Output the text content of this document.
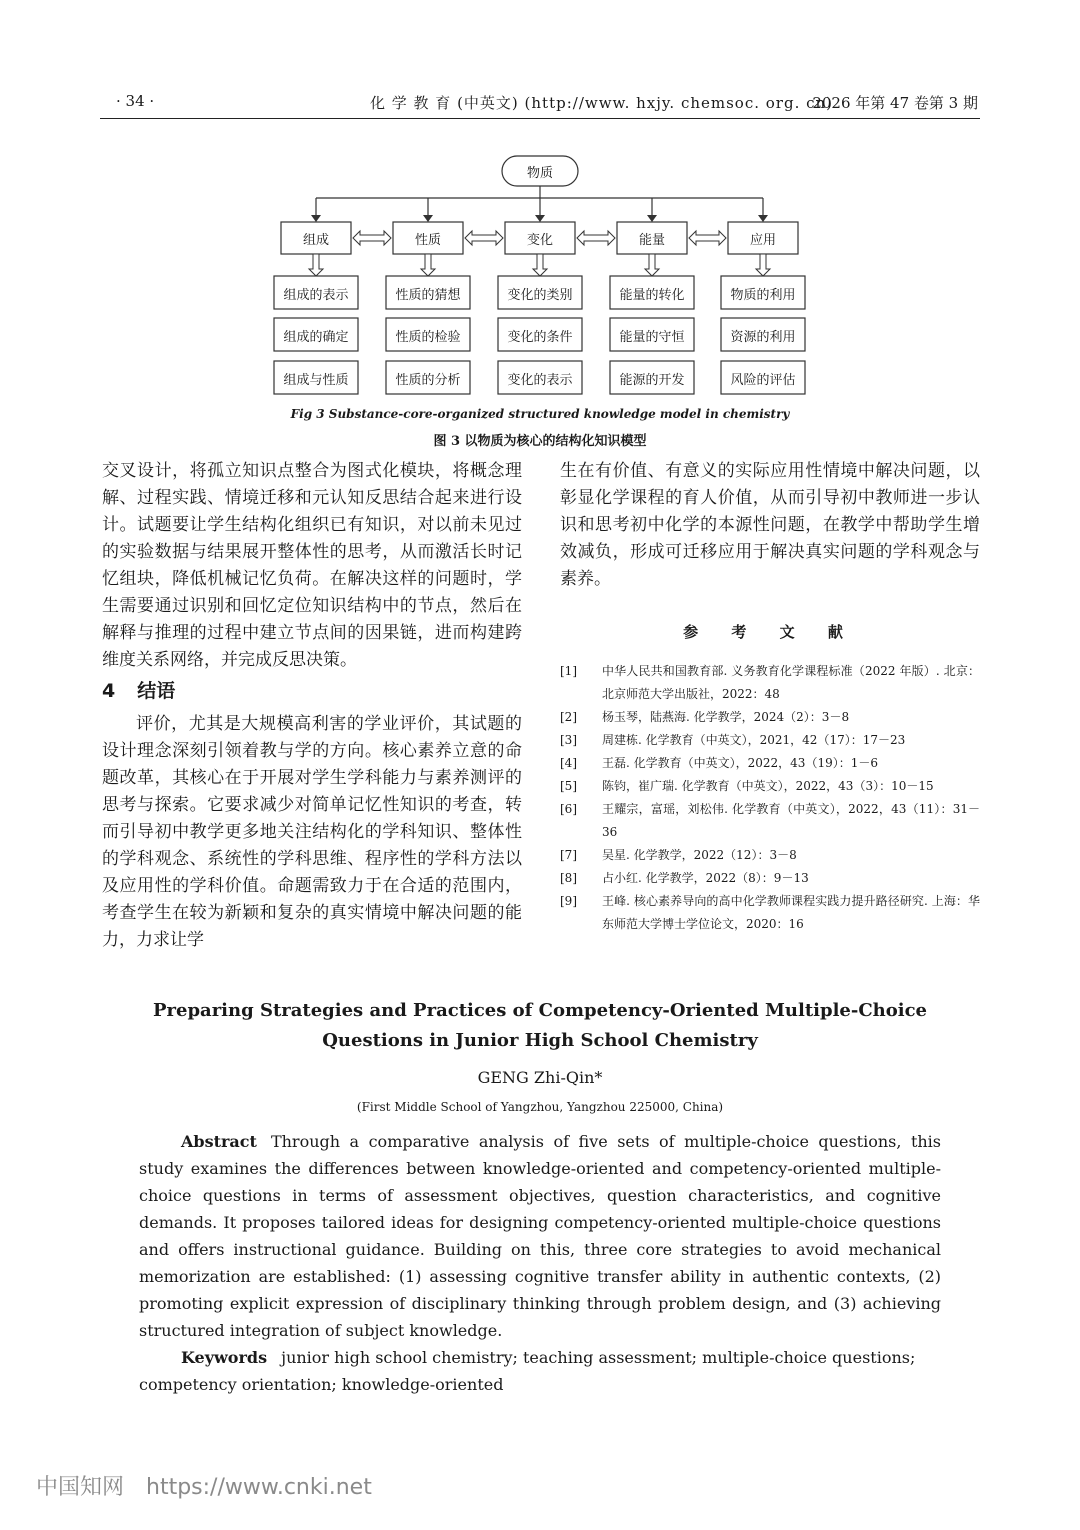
· 34 ·	化 学 教 育 (中英文) (http://www. hxjy. chemsoc. org. cn)
2026 年第 47 卷第 3 期
物质
组成
组成的表示
组成的确定
组成与性质
性质
性质的猜想
性质的检验
性质的分析
变化
变化的类别
变化的条件
变化的表示
能量
能量的转化
能量的守恒
能源的开发
应用
物质的利用
资源的利用
风险的评估
Fig 3 Substance-core-organized structured knowledge model in chemistry
图 3 以物质为核心的结构化知识模型

交叉设计，将孤立知识点整合为图式化模块，将概念理解、过程实践、情境迁移和元认知反思结合起来进行设计。试题要让学生结构化组织已有知识，对以前未见过的实验数据与结果展开整体性的思考，从而激活长时记忆组块，降低机械记忆负荷。在解决这样的问题时，学生需要通过识别和回忆定位知识结构中的节点，然后在解释与推理的过程中建立节点间的因果链，进而构建跨维度关系网络，并完成反思决策。

4 结语

评价，尤其是大规模高利害的学业评价，其试题的设计理念深刻引领着教与学的方向。核心素养立意的命题改革，其核心在于开展对学生学科能力与素养测评的思考与探索。它要求减少对简单记忆性知识的考查，转而引导初中教学更多地关注结构化的学科知识、整体性的学科观念、系统性的学科思维、程序性的学科方法以及应用性的学科价值。命题需致力于在合适的范围内，考查学生在较为新颖和复杂的真实情境中解决问题的能力，力求让学

生在有价值、有意义的实际应用性情境中解决问题，以彰显化学课程的育人价值，从而引导初中教师进一步认识和思考初中化学的本源性问题，在教学中帮助学生增效减负，形成可迁移应用于解决真实问题的学科观念与素养。

参 考 文 献

[1]	中华人民共和国教育部. 义务教育化学课程标准（2022 年版）. 北京：北京师范大学出版社，2022：48
[2]	杨玉琴，陆燕海. 化学教学，2024（2）：3－8
[3]	周建栋. 化学教育（中英文），2021，42（17）：17－23
[4]	王磊. 化学教育（中英文），2022，43（19）：1－6
[5]	陈钧，崔广瑞. 化学教育（中英文），2022，43（3）：10－15
[6]	王耀宗，富瑶，刘松伟. 化学教育（中英文），2022，43（11）：31－36
[7]	吴星. 化学教学，2022（12）：3－8
[8]	占小红. 化学教学，2022（8）：9－13
[9]	王峰. 核心素养导向的高中化学教师课程实践力提升路径研究. 上海：华东师范大学博士学位论文，2020：16
Preparing Strategies and Practices of Competency-Oriented Multiple-Choice
Questions in Junior High School Chemistry
GENG Zhi-Qin*
(First Middle School of Yangzhou, Yangzhou 225000, China)

Abstract Through a comparative analysis of five sets of multiple-choice questions, this study examines the differences between knowledge-oriented and competency-oriented multiple-choice questions in terms of assessment objectives, question characteristics, and cognitive demands. It proposes tailored ideas for designing competency-oriented multiple-choice questions and offers instructional guidance. Building on this, three core strategies to avoid mechanical memorization are established: (1) assessing cognitive transfer ability in authentic contexts, (2) promoting explicit expression of disciplinary thinking through problem design, and (3) achieving structured integration of subject knowledge.

Keywords junior high school chemistry; teaching assessment; multiple-choice questions; competency orientation; knowledge-oriented

中国知网 https://www.cnki.net
